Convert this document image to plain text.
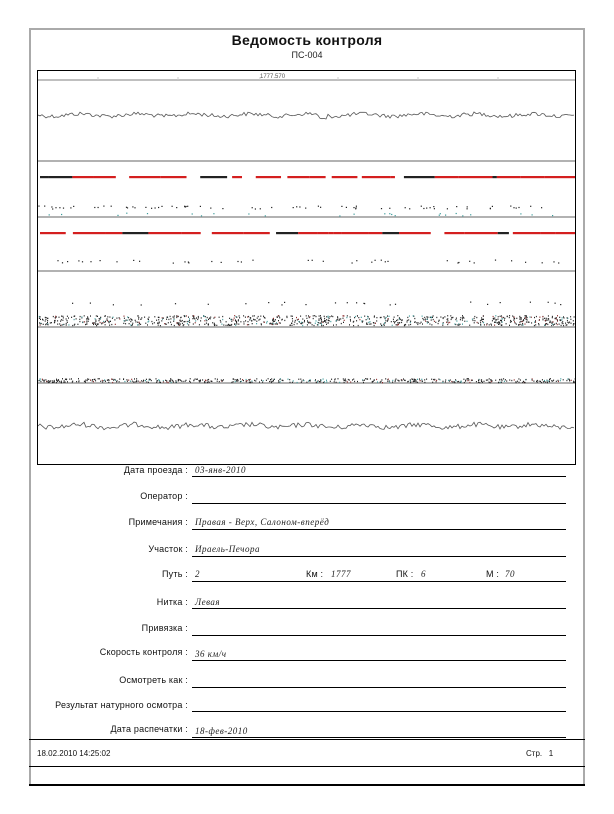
Ведомость контроля
ПС-004
1777.570
Дата проезда : 03-янв-2010
Оператор :
Примечания : Правая - Верх, Салоном-вперёд
Участок : Ираель-Печора
Путь : 2	Км : 1777	ПК : 6	М : 70
Нитка : Левая
Привязка :
Скорость контроля : 36 км/ч
Осмотреть как :
Результат натурного осмотра :
Дата распечатки : 18-фев-2010
18.02.2010 14:25:02	Стр. 1
